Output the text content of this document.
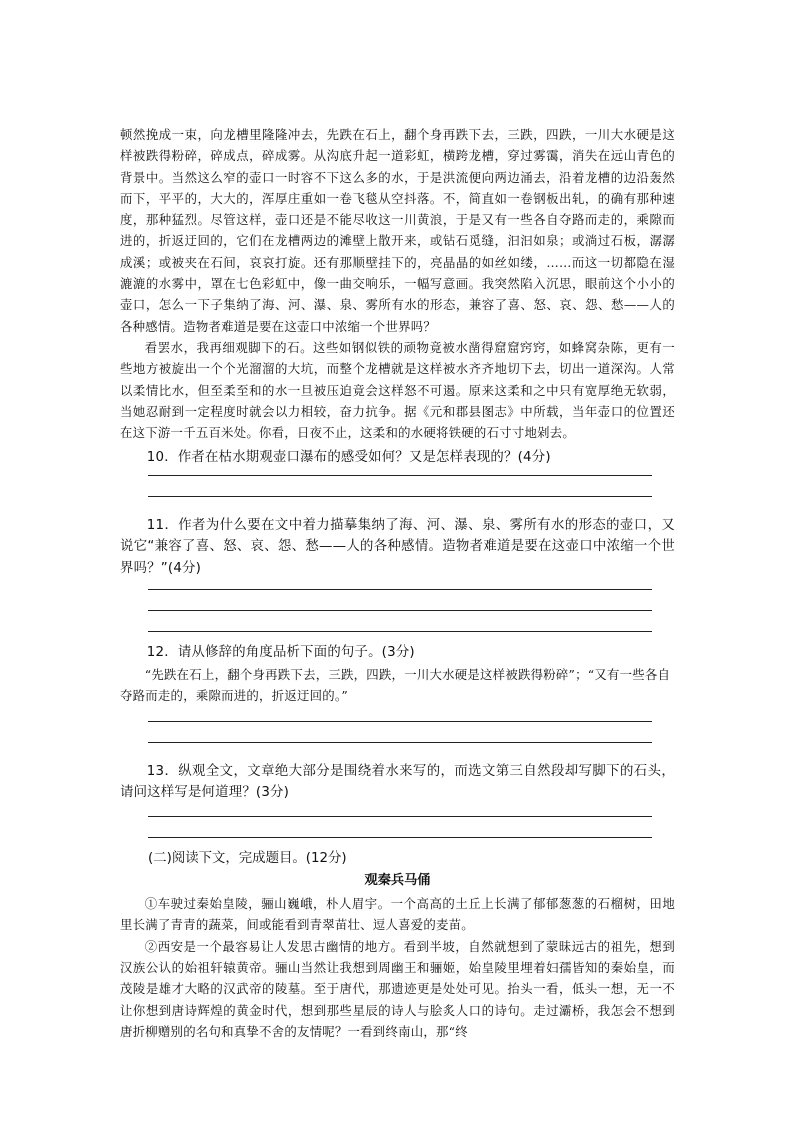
顿然挽成一束，向龙槽里隆隆冲去，先跌在石上，翻个身再跌下去，三跌，四跌，一川大水硬是这样被跌得粉碎，碎成点，碎成雾。从沟底升起一道彩虹，横跨龙槽，穿过雾霭，消失在远山青色的背景中。当然这么窄的壶口一时容不下这么多的水，于是洪流便向两边涌去，沿着龙槽的边沿轰然而下，平平的，大大的，浑厚庄重如一卷飞毯从空抖落。不，简直如一卷钢板出轧，的确有那种速度，那种猛烈。尽管这样，壶口还是不能尽收这一川黄浪，于是又有一些各自夺路而走的，乘隙而进的，折返迂回的，它们在龙槽两边的滩壁上散开来，或钻石觅缝，汩汩如泉；或淌过石板，潺潺成溪；或被夹在石间，哀哀打旋。还有那顺壁挂下的，亮晶晶的如丝如缕，……而这一切都隐在湿漉漉的水雾中，罩在七色彩虹中，像一曲交响乐，一幅写意画。我突然陷入沉思，眼前这个小小的壶口，怎么一下子集纳了海、河、瀑、泉、雾所有水的形态，兼容了喜、怒、哀、怨、愁——人的各种感情。造物者难道是要在这壶口中浓缩一个世界吗？

看罢水，我再细观脚下的石。这些如钢似铁的顽物竟被水凿得窟窟窍窍，如蜂窝杂陈，更有一些地方被旋出一个个光溜溜的大坑，而整个龙槽就是这样被水齐齐地切下去，切出一道深沟。人常以柔情比水，但至柔至和的水一旦被压迫竟会这样怒不可遏。原来这柔和之中只有宽厚绝无软弱，当她忍耐到一定程度时就会以力相较，奋力抗争。据《元和郡县图志》中所载，当年壶口的位置还在这下游一千五百米处。你看，日夜不止，这柔和的水硬将铁硬的石寸寸地剁去。

10．作者在枯水期观壶口瀑布的感受如何？又是怎样表现的？(4分)

11．作者为什么要在文中着力描摹集纳了海、河、瀑、泉、雾所有水的形态的壶口，又说它“兼容了喜、怒、哀、怨、愁——人的各种感情。造物者难道是要在这壶口中浓缩一个世界吗？”(4分)

12．请从修辞的角度品析下面的句子。(3分)

“先跌在石上，翻个身再跌下去，三跌，四跌，一川大水硬是这样被跌得粉碎”；“又有一些各自夺路而走的，乘隙而进的，折返迂回的。”

13．纵观全文，文章绝大部分是围绕着水来写的，而选文第三自然段却写脚下的石头，请问这样写是何道理？(3分)

(二)阅读下文，完成题目。(12分)

观秦兵马俑

①车驶过秦始皇陵，骊山巍峨，朴人眉宇。一个高高的土丘上长满了郁郁葱葱的石榴树，田地里长满了青青的蔬菜，间或能看到青翠苗壮、逗人喜爱的麦苗。

②西安是一个最容易让人发思古幽情的地方。看到半坡，自然就想到了蒙昧远古的祖先，想到汉族公认的始祖轩辕黄帝。骊山当然让我想到周幽王和骊姬，始皇陵里埋着妇孺皆知的秦始皇，而茂陵是雄才大略的汉武帝的陵墓。至于唐代，那遗迹更是处处可见。抬头一看，低头一想，无一不让你想到唐诗辉煌的黄金时代，想到那些星辰的诗人与脍炙人口的诗句。走过灞桥，我怎会不想到唐折柳赠别的名句和真挚不舍的友情呢？一看到终南山，那“终
